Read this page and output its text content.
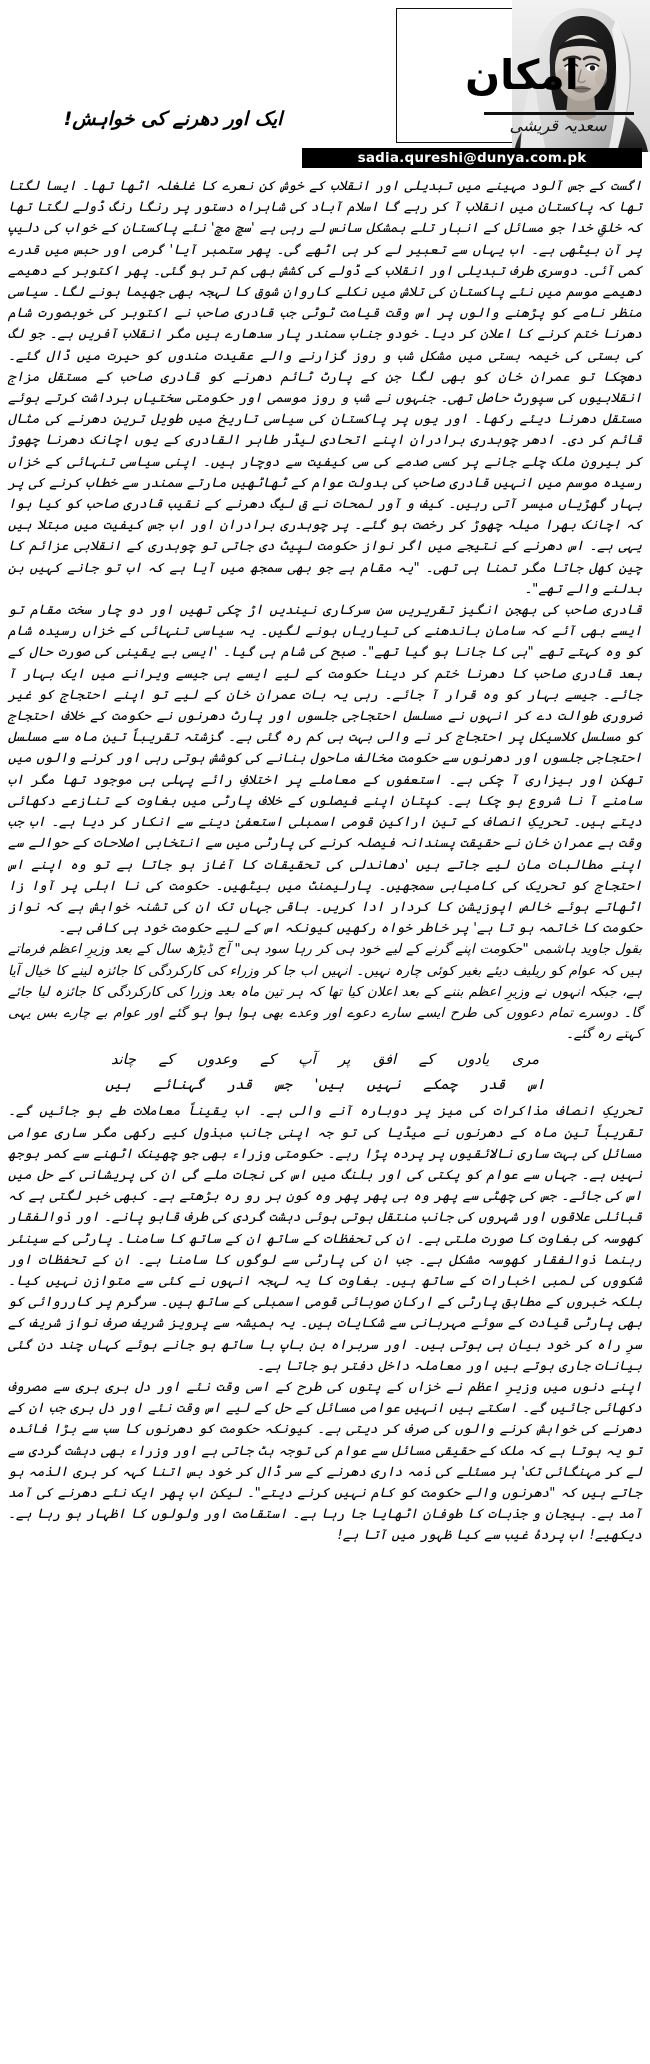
امکان
سعدیہ قریشی
sadia.qureshi@dunya.com.pk
ایک اور دھرنے کی خواہش!

اگست کے جس آلود مہینے میں تبدیلی اور انقلاب کے خوش کن نعرے کا غلغلہ اٹھا تھا۔ ایسا لگتا تھا کہ پاکستان میں انقلاب آ کر رہے گا اسلام آباد کی شاہراہ دستور پر رنگا رنگ ڈولے لگتا تھا کہ خلقِ خدا جو مسائل کے انبار تلے بمشکل سانس لے رہی ہے 'سچ مچ' نئے پاکستان کے خواب کی دلیپ پر آن بیٹھی ہے۔ اب یہاں سے تعبیر لے کر ہی اٹھے گی۔ پھر ستمبر آیا' گرمی اور حبس میں قدرے کمی آئی۔ دوسری طرف تبدیلی اور انقلاب کے ڈولے کی کشش بھی کم تر ہو گئی۔ پھر اکتوبر کے دھیمے دھیمے موسم میں نئے پاکستان کی تلاش میں نکلے کاروانِ شوق کا لہجہ بھی جھیما ہونے لگا۔ سیاسی منظر نامے کو پڑھنے والوں پر اس وقت قیامت ٹوٹی جب قادری صاحب نے اکتوبر کی خوبصورت شام دھرنا ختم کرنے کا اعلان کر دیا۔ خودو جناب سمندر پار سدھارے ہیں مگر انقلاب آفریں ہے۔ جو لگ کی بستی کی خیمہ بستی میں مشکل شب و روز گزارنے والے عقیدت مندوں کو حیرت میں ڈال گئے۔ دھچکا تو عمران خان کو بھی لگا جن کے پارٹ ٹائم دھرنے کو قادری صاحب کے مستقل مزاج انقلابیوں کی سپورٹ حاصل تھی۔ جنہوں نے شب و روز موسمی اور حکومتی سختیاں برداشت کرتے ہوئے مستقل دھرنا دیئے رکھا۔ اور یوں پر پاکستان کی سیاسی تاریخ میں طویل ترین دھرنے کی مثال قائم کر دی۔ ادھر چوہدری برادران اپنے اتحادی لیڈر طاہر القادری کے یوں اچانک دھرنا چھوڑ کر بیرونِ ملک چلے جانے پر کسی صدمے کی سی کیفیت سے دوچار ہیں۔ اپنی سیاسی تنہائی کے خزاں رسیدہ موسم میں انہیں قادری صاحب کی بدولت عوام کے ٹھاٹھیں مارتے سمندر سے خطاب کرنے کی پر بہار گھڑیاں میسر آتی رہیں۔ کیف و آور لمحات نے ق لیگ دھرنے کے نقیب قادری صاحب کو کیا ہوا کہ اچانک بھرا میلہ چھوڑ کر رخصت ہو گئے۔ پر چوہدری برادران اور اب جس کیفیت میں مبتلا ہیں یہی ہے۔ اس دھرنے کے نتیجے میں اگر نواز حکومت لپیٹ دی جاتی تو چوہدری کے انقلابی عزائم کا چین کھل جاتا مگر تمنا ہی تھی۔ "یہ مقام ہے جو بھی سمجھ میں آیا ہے کہ اب تو جانے کہیں بن بدلنے والے تھے"۔

قادری صاحب کی بھجن انگیز تقریریں سن سرکاری نیندیں اڑ چکی تھیں اور دو چار سخت مقام تو ایسے بھی آئے کہ سامان باندھنے کی تیاریاں ہونے لگیں۔ یہ سیاسی تنہائی کے خزاں رسیدہ شام کو وہ کہتے تھے "ہی کا جانا ہو گیا تھے"۔ صبح کی شام ہی گیا۔ 'ایسی بے یقینی کی صورت حال کے بعد قادری صاحب کا دھرنا ختم کر دینا حکومت کے لیے ایسے ہی جیسے ویرانے میں ایک بہار آ جائے۔ جیسے بہار کو وہ قرار آ جائے۔ رہی یہ بات عمران خان کے لیے تو اپنے احتجاج کو غیر ضروری طوالت دے کر انہوں نے مسلسل احتجاجی جلسوں اور پارٹ دھرنوں نے حکومت کے خلاف احتجاج کو مسلسل کلاسیکل پر احتجاج کر نے والی بہت ہی کم رہ گئی ہے۔ گزشتہ تقریباً تین ماہ سے مسلسل احتجاجی جلسوں اور دھرنوں سے حکومت مخالف ماحول بنانے کی کوشش ہوتی رہی اور کرنے والوں میں تھکن اور بیزاری آ چکی ہے۔ استعفوں کے معاملے پر اختلافِ رائے پہلی ہی موجود تھا مگر اب سامنے آ نا شروع ہو چکا ہے۔ کپتان اپنے فیصلوں کے خلاف پارٹی میں بغاوت کے تنازعے دکھائی دیتے ہیں۔ تحریکِ انصاف کے تین اراکین قومی اسمبلی استعفیٰ دینے سے انکار کر دیا ہے۔ اب جب وقت ہے عمران خان نے حقیقت پسندانہ فیصلہ کرنے کی پارٹی میں سے انتخابی اصلاحات کے حوالے سے اپنے مطالبات مان لیے جاتے ہیں 'دھاندلی کی تحقیقات کا آغاز ہو جاتا ہے تو وہ اپنے اس احتجاج کو تحریک کی کامیابی سمجھیں۔ پارلیمنٹ میں بیٹھیں۔ حکومت کی نا اہلی پر آوا زا اٹھاتے ہوئے خالص اپوزیشن کا کردار ادا کریں۔ باقی جہاں تک ان کی تشنہ خواہش ہے کہ نواز حکومت کا خاتمہ ہو تا ہے' پر خاطر خواہ رکھیں کیونکہ اس کے لیے حکومت خود ہی کافی ہے۔

بقول جاوید ہاشمی "حکومت اپنے گرنے کے لیے خود ہی کر رہا سود ہی" آج ڈیڑھ سال کے بعد وزیرِ اعظم فرماتے ہیں کہ عوام کو ریلیف دیئے بغیر کوئی چارہ نہیں۔ انہیں اب جا کر وزراء کی کارکردگی کا جائزہ لینے کا خیال آیا ہے، جبکہ انہوں نے وزیرِ اعظم بننے کے بعد اعلان کیا تھا کہ ہر تین ماہ بعد وزرا کی کارکردگی کا جائزہ لیا جائے گا۔ دوسرے تمام دعووں کی طرح ایسے سارے دعوے اور وعدے بھی ہوا ہوا ہو گئے اور عوام بے چارے بس یہی کہتے رہ گئے۔

مری یادوں کے افق پر آپ کے وعدوں کے چاند
اس قدر چمکے نہیں ہیں' جس قدر گہنائے ہیں

تحریکِ انصاف مذاکرات کی میز پر دوبارہ آنے والی ہے۔ اب یقیناً معاملات طے ہو جائیں گے۔ تقریباً تین ماہ کے دھرنوں نے میڈیا کی تو جہ اپنی جانب مبذول کیے رکھی مگر ساری عوامی مسائل کی بہت ساری نالائقیوں پر پردہ پڑا رہے۔ حکومتی وزراء بھی جو چھینک اٹھنے سے کمر بوجھ نہیں ہے۔ جہاں سے عوام کو پکتی کی اور بلنگ میں اس کی نجات ملے گی ان کی پریشانی کے حل میں اس کی جائے۔ جس کی چھٹی سے پھر وہ ہی پھر پھر وہ کون ہر رو رہ بڑھتے ہے۔ کبھی خبر لگتی ہے کہ قبائلی علاقوں اور شہروں کی جانب منتقل ہوتی ہوئی دہشت گردی کی طرف قابو پانے۔ اور ذوالفقار کھوسہ کی بغاوت کا صورت ملتی ہے۔ ان کی تحفظات کے ساتھ ان کے ساتھ کا سامنا۔ پارٹی کے سینئر رہنما ذوالفقار کھوسہ مشکل ہے۔ جب ان کی پارٹی سے لوگوں کا سامنا ہے۔ ان کے تحفظات اور شکووں کی لمبی اخبارات کے ساتھ ہیں۔ بغاوت کا یہ لہجہ انہوں نے کئی سے متوازن نہیں کیا۔ بلکہ خبروں کے مطابق پارٹی کے ارکانِ صوبائی قومی اسمبلی کے ساتھ ہیں۔ سرگرم پر کارروائی کو بھی پارٹی قیادت کے سوئے مہربانی سے شکایات ہیں۔ یہ ہمیشہ سے پرویز شریف صرف نواز شریف کے سرِ راہ کر خود بیان ہی ہوتی ہیں۔ اور سربراہ بن باپ با ساتھ ہو جانے ہوئے کہاں چند دن گئی بیانات جاری ہوتے ہیں اور معاملہ داخل دفتر ہو جاتا ہے۔

اپنے دنوں میں وزیرِ اعظم نے خزاں کے پتوں کی طرح کے اسی وقت نئے اور دل بری بری سے مصروف دکھائی جائیں گے۔ اسکتے ہیں انہیں عوامی مسائل کے حل کے لیے اس وقت نئے اور دل بری جب ان کے دھرنے کی خواہش کرنے والوں کی صرف کر دیتی ہے۔ کیونکہ حکومت کو دھرنوں کا سب سے بڑا فائدہ تو یہ ہوتا ہے کہ ملک کے حقیقی مسائل سے عوام کی توجہ ہٹ جاتی ہے اور وزراء بھی دہشت گردی سے لے کر مہنگائی تک' ہر مسئلے کی ذمہ داری دھرنے کے سر ڈال کر خود بس اتنا کہہ کر بری الذمہ ہو جاتے ہیں کہ "دھرنوں والے حکومت کو کام نہیں کرنے دیتے"۔ لیکن اب پھر ایک نئے دھرنے کی آمد آمد ہے۔ ہیجان و جذبات کا طوفان اٹھایا جا رہا ہے۔ استقامت اور ولولوں کا اظہار ہو رہا ہے۔ دیکھیے! اب پردۂ غیب سے کیا ظہور میں آتا ہے!
